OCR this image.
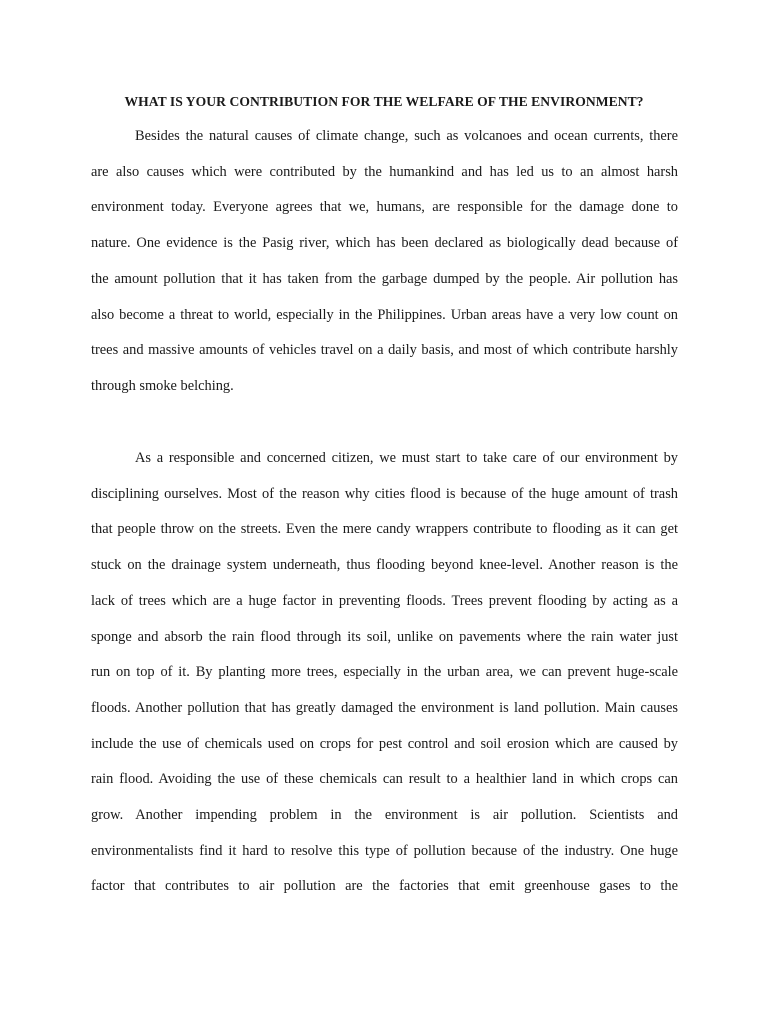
WHAT IS YOUR CONTRIBUTION FOR THE WELFARE OF THE ENVIRONMENT?
Besides the natural causes of climate change, such as volcanoes and ocean currents, there
are also causes which were contributed by the humankind and has led us to an almost harsh
environment today. Everyone agrees that we, humans, are responsible for the damage done to
nature. One evidence is the Pasig river, which has been declared as biologically dead because of
the amount pollution that it has taken from the garbage dumped by the people. Air pollution has
also become a threat to world, especially in the Philippines. Urban areas have a very low count on
trees and massive amounts of vehicles travel on a daily basis, and most of which contribute harshly
through smoke belching.
As a responsible and concerned citizen, we must start to take care of our environment by
disciplining ourselves. Most of the reason why cities flood is because of the huge amount of trash
that people throw on the streets. Even the mere candy wrappers contribute to flooding as it can get
stuck on the drainage system underneath, thus flooding beyond knee-level. Another reason is the
lack of trees which are a huge factor in preventing floods. Trees prevent flooding by acting as a
sponge and absorb the rain flood through its soil, unlike on pavements where the rain water just
run on top of it. By planting more trees, especially in the urban area, we can prevent huge-scale
floods. Another pollution that has greatly damaged the environment is land pollution. Main causes
include the use of chemicals used on crops for pest control and soil erosion which are caused by
rain flood. Avoiding the use of these chemicals can result to a healthier land in which crops can
grow. Another impending problem in the environment is air pollution. Scientists and
environmentalists find it hard to resolve this type of pollution because of the industry. One huge
factor that contributes to air pollution are the factories that emit greenhouse gases to the
